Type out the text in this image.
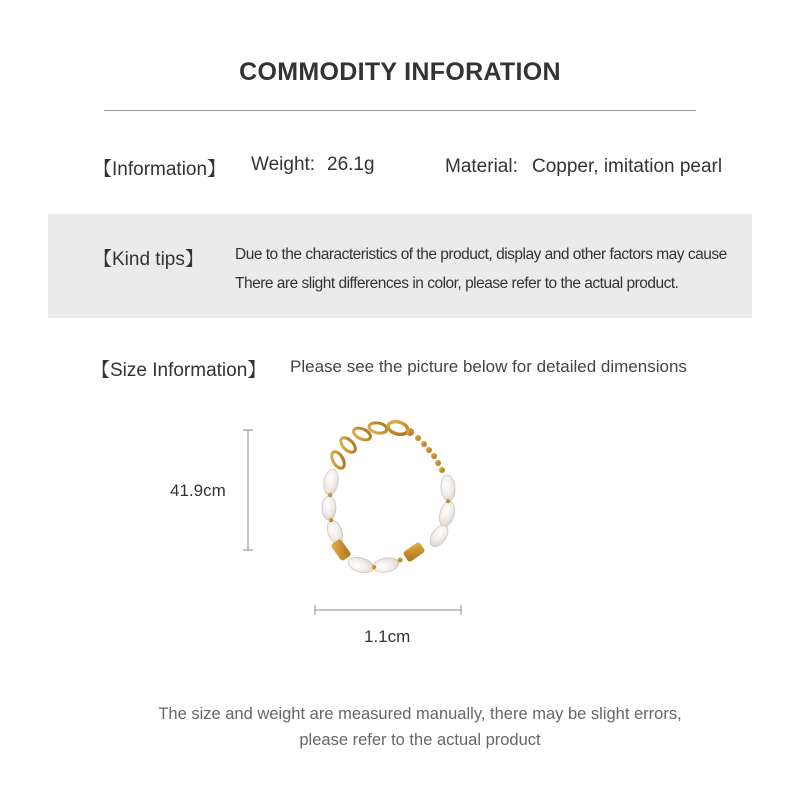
COMMODITY INFORATION
【Information】 Weight: 26.1g	Material: Copper, imitation pearl
【Kind tips】 Due to the characteristics of the product, display and other factors may cause
There are slight differences in color, please refer to the actual product.
【Size Information】 Please see the picture below for detailed dimensions
41.9cm
1.1cm
The size and weight are measured manually, there may be slight errors,
please refer to the actual product
